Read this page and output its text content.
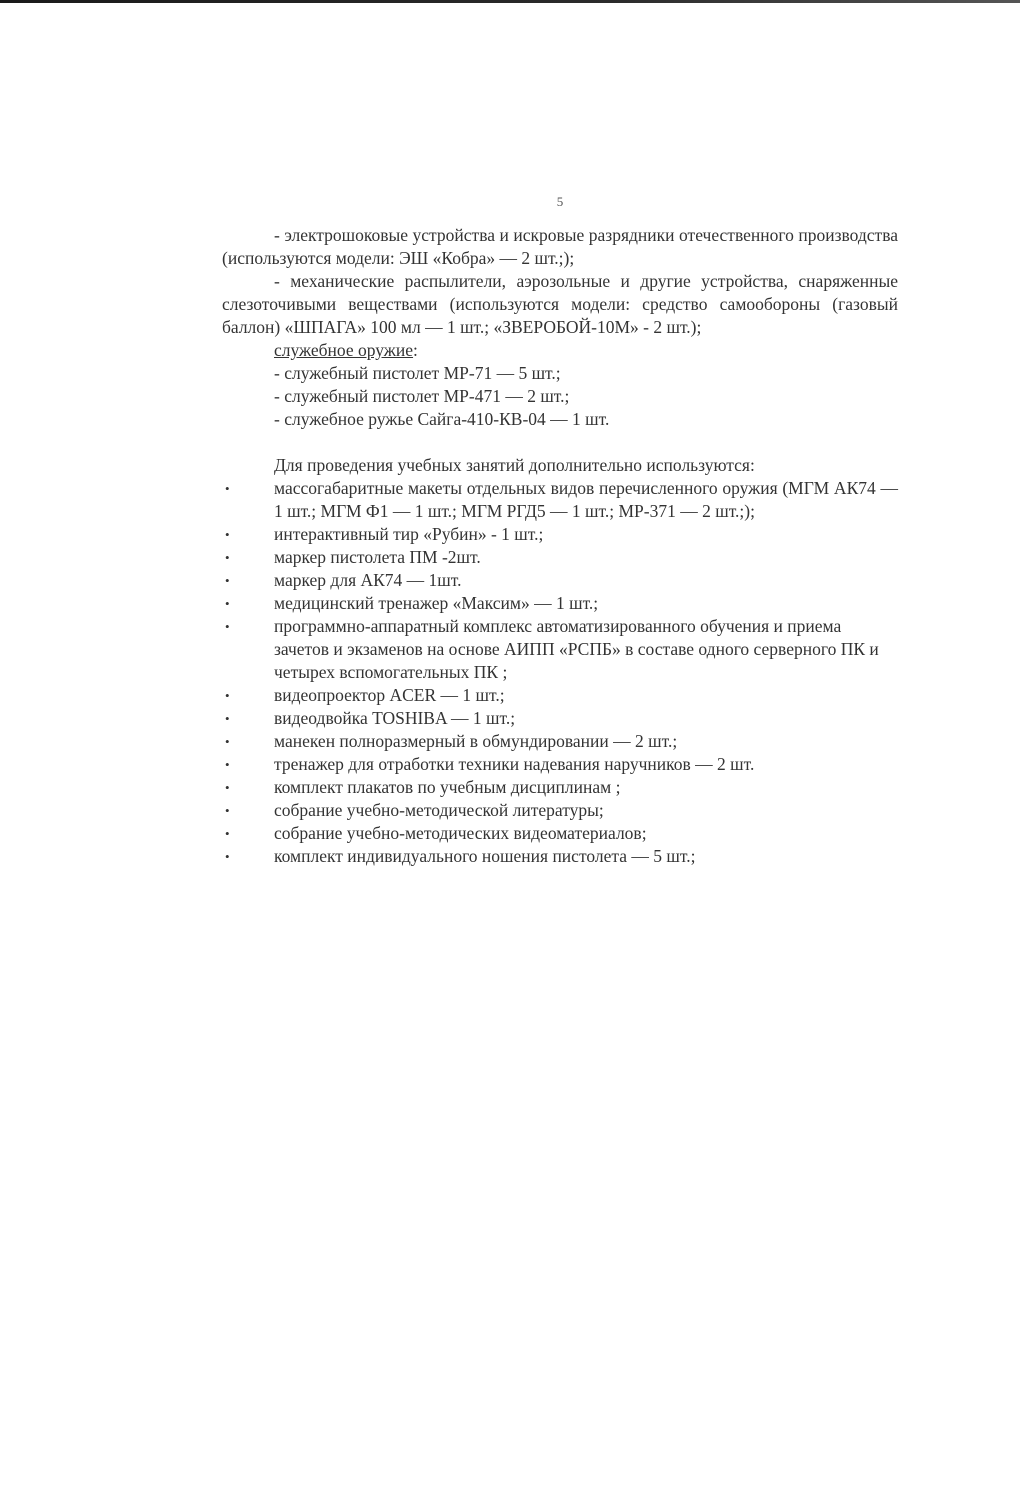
5

- электрошоковые устройства и искровые разрядники отечественного производства (используются модели: ЭШ «Кобра» — 2 шт.;);

- механические распылители, аэрозольные и другие устройства, снаряженные слезоточивыми веществами (используются модели: средство самообороны (газовый баллон) «ШПАГА» 100 мл — 1 шт.; «ЗВЕРОБОЙ-10М» - 2 шт.);

служебное оружие:

- служебный пистолет МР-71 — 5 шт.;

- служебный пистолет МР-471 — 2 шт.;

- служебное ружье Сайга-410-КВ-04 — 1 шт.

Для проведения учебных занятий дополнительно используются:

•	массогабаритные макеты отдельных видов перечисленного оружия (МГМ АК74 — 1 шт.; МГМ Ф1 — 1 шт.; МГМ РГД5 — 1 шт.; МР-371 — 2 шт.;);
•	интерактивный тир «Рубин» - 1 шт.;
•	маркер пистолета ПМ -2шт.
•	маркер для АК74 — 1шт.
•	медицинский тренажер «Максим» — 1 шт.;
•	программно-аппаратный комплекс автоматизированного обучения и приема зачетов и экзаменов на основе АИПП «РСПБ» в составе одного серверного ПК и четырех вспомогательных ПК ;
•	видеопроектор ACER — 1 шт.;
•	видеодвойка TOSHIBA — 1 шт.;
•	манекен полноразмерный в обмундировании — 2 шт.;
•	тренажер для отработки техники надевания наручников — 2 шт.
•	комплект плакатов по учебным дисциплинам ;
•	собрание учебно-методической литературы;
•	собрание учебно-методических видеоматериалов;
•	комплект индивидуального ношения пистолета — 5 шт.;
